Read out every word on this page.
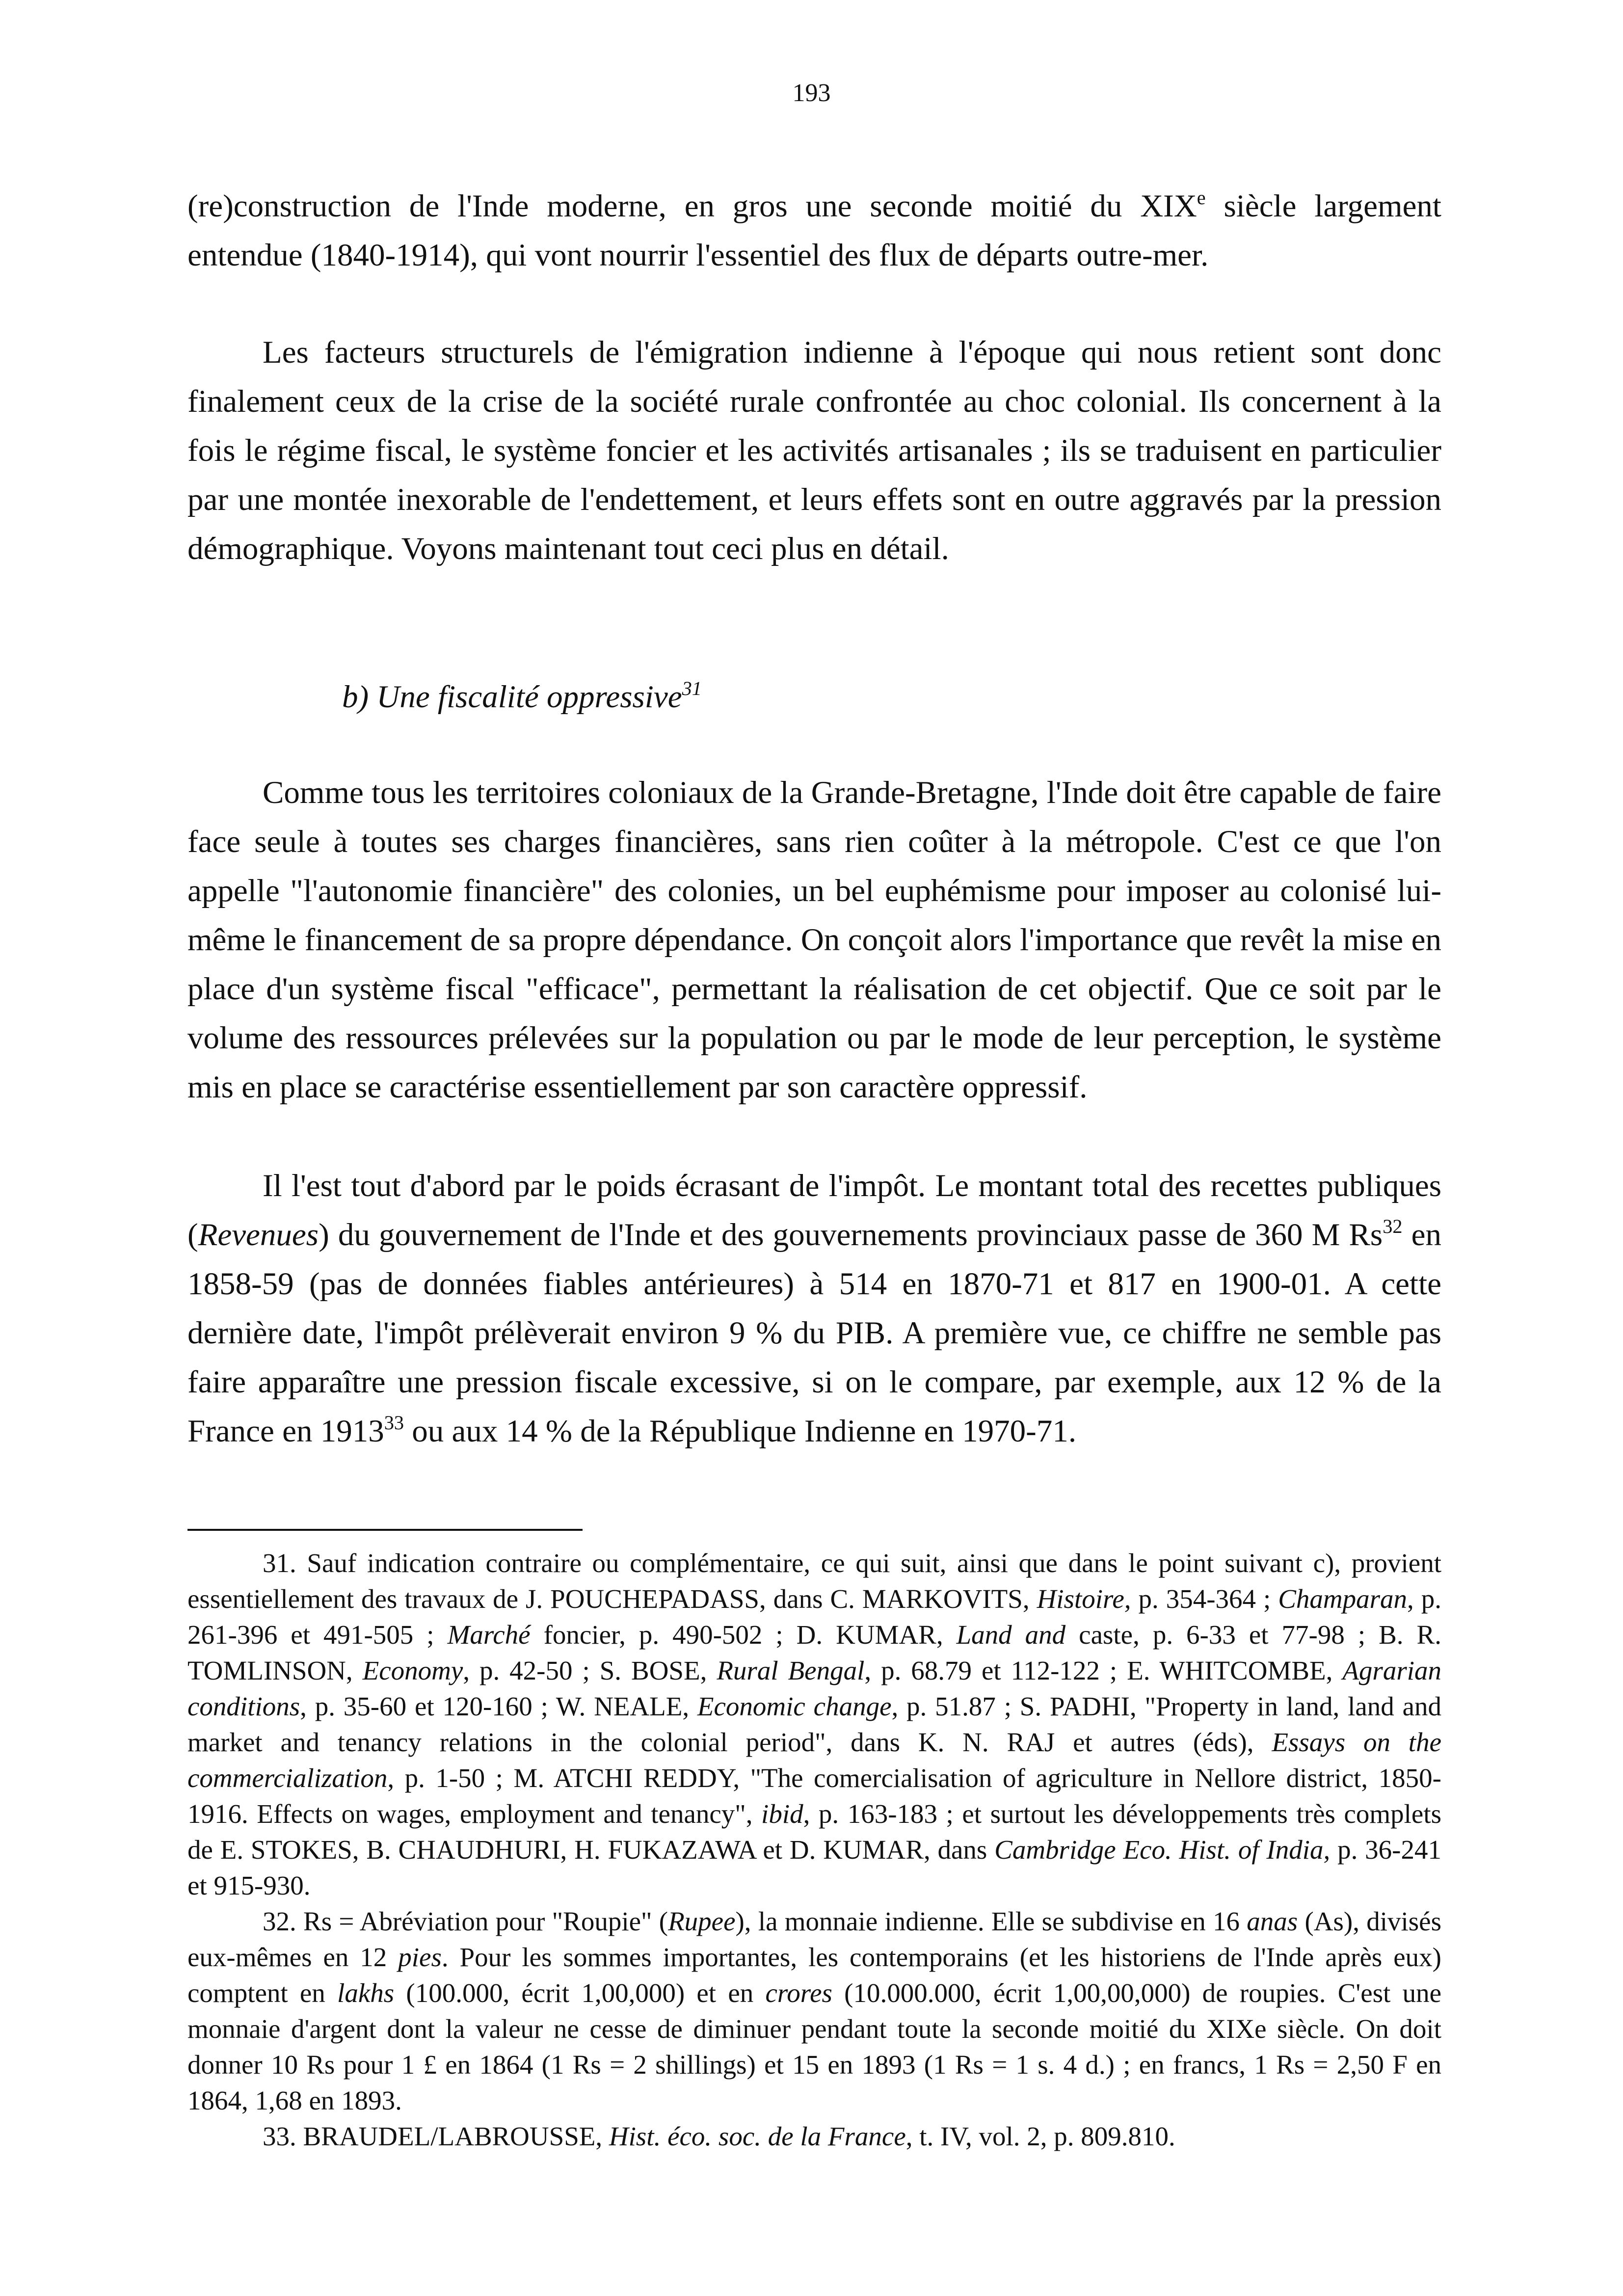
193

(re)construction de l'Inde moderne, en gros une seconde moitié du XIXe siècle largement entendue (1840-1914), qui vont nourrir l'essentiel des flux de départs outre-mer.

Les facteurs structurels de l'émigration indienne à l'époque qui nous retient sont donc finalement ceux de la crise de la société rurale confrontée au choc colonial. Ils concernent à la fois le régime fiscal, le système foncier et les activités artisanales ; ils se traduisent en particulier par une montée inexorable de l'endettement, et leurs effets sont en outre aggravés par la pression démographique. Voyons maintenant tout ceci plus en détail.

b) Une fiscalité oppressive$^{31}$

Comme tous les territoires coloniaux de la Grande-Bretagne, l'Inde doit être capable de faire face seule à toutes ses charges financières, sans rien coûter à la métropole. C'est ce que l'on appelle "l'autonomie financière" des colonies, un bel euphémisme pour imposer au colonisé lui-même le financement de sa propre dépendance. On conçoit alors l'importance que revêt la mise en place d'un système fiscal "efficace", permettant la réalisation de cet objectif. Que ce soit par le volume des ressources prélevées sur la population ou par le mode de leur perception, le système mis en place se caractérise essentiellement par son caractère oppressif.

Il l'est tout d'abord par le poids écrasant de l'impôt. Le montant total des recettes publiques (Revenues) du gouvernement de l'Inde et des gouvernements provinciaux passe de 360 M Rs$^{32}$ en 1858-59 (pas de données fiables antérieures) à 514 en 1870-71 et 817 en 1900-01. A cette dernière date, l'impôt prélèverait environ 9 % du PIB. A première vue, ce chiffre ne semble pas faire apparaître une pression fiscale excessive, si on le compare, par exemple, aux 12 % de la France en 1913$^{33}$ ou aux 14 % de la République Indienne en 1970-71.

31. Sauf indication contraire ou complémentaire, ce qui suit, ainsi que dans le point suivant c), provient essentiellement des travaux de J. POUCHEPADASS, dans C. MARKOVITS, Histoire, p. 354-364 ; Champaran, p. 261-396 et 491-505 ; Marché foncier, p. 490-502 ; D. KUMAR, Land and caste, p. 6-33 et 77-98 ; B. R. TOMLINSON, Economy, p. 42-50 ; S. BOSE, Rural Bengal, p. 68.79 et 112-122 ; E. WHITCOMBE, Agrarian conditions, p. 35-60 et 120-160 ; W. NEALE, Economic change, p. 51.87 ; S. PADHI, "Property in land, land and market and tenancy relations in the colonial period", dans K. N. RAJ et autres (éds), Essays on the commercialization, p. 1-50 ; M. ATCHI REDDY, "The comercialisation of agriculture in Nellore district, 1850-1916. Effects on wages, employment and tenancy", ibid, p. 163-183 ; et surtout les développements très complets de E. STOKES, B. CHAUDHURI, H. FUKAZAWA et D. KUMAR, dans Cambridge Eco. Hist. of India, p. 36-241 et 915-930.

32. Rs = Abréviation pour "Roupie" (Rupee), la monnaie indienne. Elle se subdivise en 16 anas (As), divisés eux-mêmes en 12 pies. Pour les sommes importantes, les contemporains (et les historiens de l'Inde après eux) comptent en lakhs (100.000, écrit 1,00,000) et en crores (10.000.000, écrit 1,00,00,000) de roupies. C'est une monnaie d'argent dont la valeur ne cesse de diminuer pendant toute la seconde moitié du XIXe siècle. On doit donner 10 Rs pour 1 £ en 1864 (1 Rs = 2 shillings) et 15 en 1893 (1 Rs = 1 s. 4 d.) ; en francs, 1 Rs = 2,50 F en 1864, 1,68 en 1893.

33. BRAUDEL/LABROUSSE, Hist. éco. soc. de la France, t. IV, vol. 2, p. 809.810.
